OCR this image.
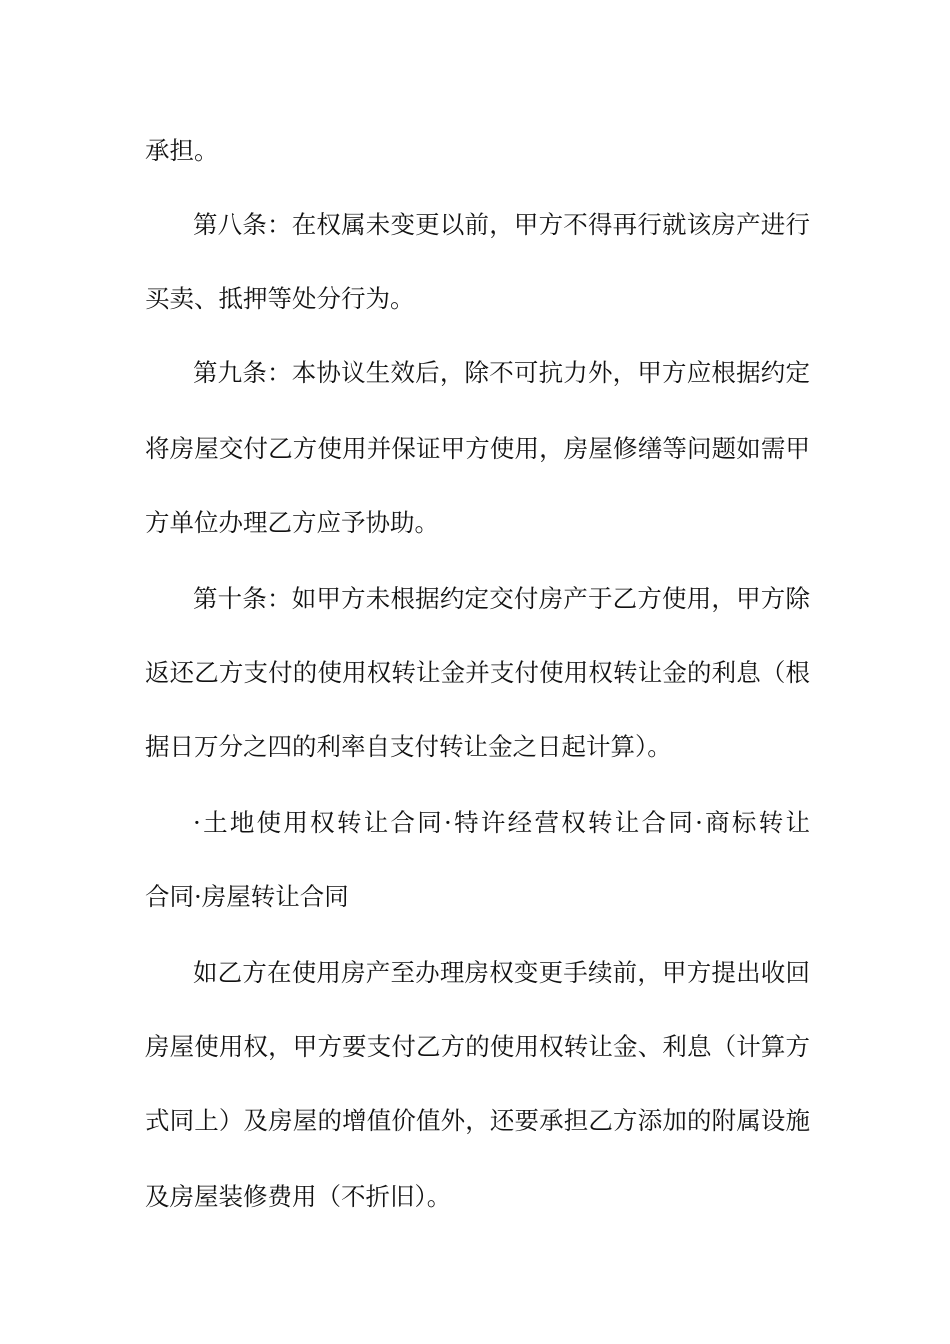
承担。
第八条：在权属未变更以前，甲方不得再行就该房产进行
买卖、抵押等处分行为。
第九条：本协议生效后，除不可抗力外，甲方应根据约定
将房屋交付乙方使用并保证甲方使用，房屋修缮等问题如需甲
方单位办理乙方应予协助。
第十条：如甲方未根据约定交付房产于乙方使用，甲方除
返还乙方支付的使用权转让金并支付使用权转让金的利息（根
据日万分之四的利率自支付转让金之日起计算）。
·土地使用权转让合同·特许经营权转让合同·商标转让
合同·房屋转让合同
如乙方在使用房产至办理房权变更手续前，甲方提出收回
房屋使用权，甲方要支付乙方的使用权转让金、利息（计算方
式同上）及房屋的增值价值外，还要承担乙方添加的附属设施
及房屋装修费用（不折旧）。
